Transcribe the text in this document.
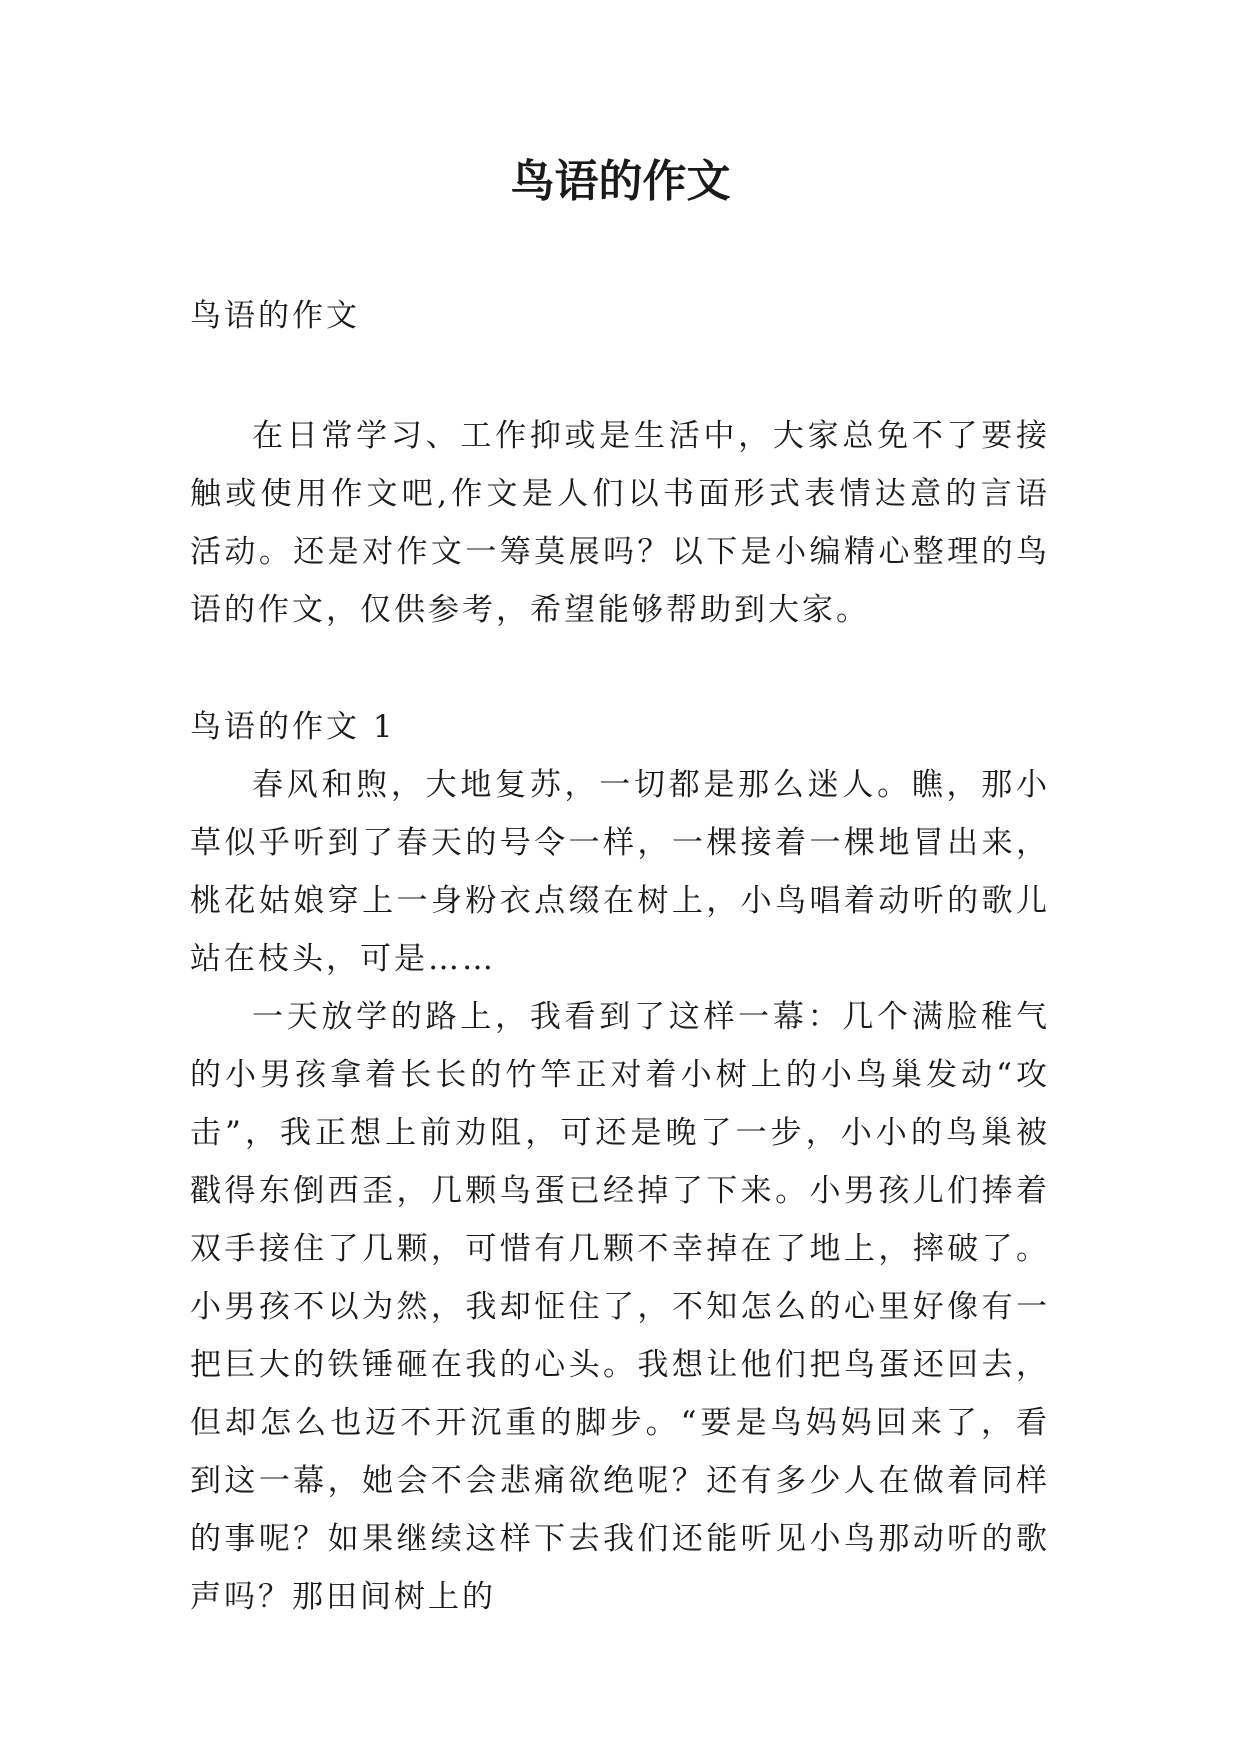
鸟语的作文

鸟语的作文

在日常学习、工作抑或是生活中，大家总免不了要接触或使用作文吧,作文是人们以书面形式表情达意的言语活动。还是对作文一筹莫展吗？以下是小编精心整理的鸟语的作文，仅供参考，希望能够帮助到大家。

鸟语的作文 1

春风和煦，大地复苏，一切都是那么迷人。瞧，那小草似乎听到了春天的号令一样，一棵接着一棵地冒出来，桃花姑娘穿上一身粉衣点缀在树上，小鸟唱着动听的歌儿站在枝头，可是……

一天放学的路上，我看到了这样一幕：几个满脸稚气的小男孩拿着长长的竹竿正对着小树上的小鸟巢发动“攻击”，我正想上前劝阻，可还是晚了一步，小小的鸟巢被戳得东倒西歪，几颗鸟蛋已经掉了下来。小男孩儿们捧着双手接住了几颗，可惜有几颗不幸掉在了地上，摔破了。小男孩不以为然，我却怔住了，不知怎么的心里好像有一把巨大的铁锤砸在我的心头。我想让他们把鸟蛋还回去，但却怎么也迈不开沉重的脚步。“要是鸟妈妈回来了，看到这一幕，她会不会悲痛欲绝呢？还有多少人在做着同样的事呢？如果继续这样下去我们还能听见小鸟那动听的歌声吗？那田间树上的
